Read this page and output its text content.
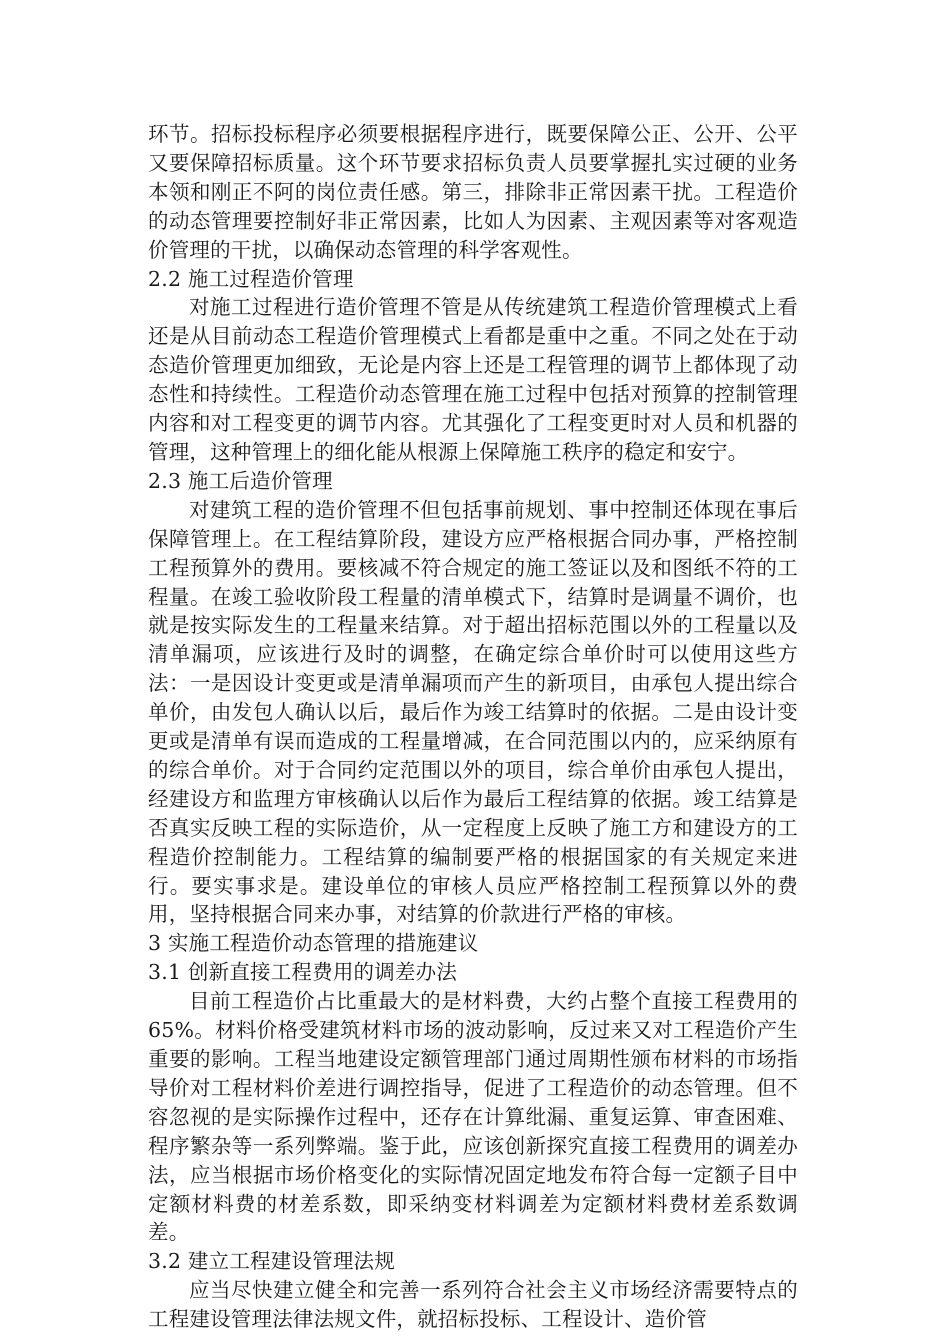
环节。招标投标程序必须要根据程序进行，既要保障公正、公开、公平又要保障招标质量。这个环节要求招标负责人员要掌握扎实过硬的业务本领和刚正不阿的岗位责任感。第三，排除非正常因素干扰。工程造价的动态管理要控制好非正常因素，比如人为因素、主观因素等对客观造价管理的干扰，以确保动态管理的科学客观性。

2.2 施工过程造价管理

对施工过程进行造价管理不管是从传统建筑工程造价管理模式上看还是从目前动态工程造价管理模式上看都是重中之重。不同之处在于动态造价管理更加细致，无论是内容上还是工程管理的调节上都体现了动态性和持续性。工程造价动态管理在施工过程中包括对预算的控制管理内容和对工程变更的调节内容。尤其强化了工程变更时对人员和机器的管理，这种管理上的细化能从根源上保障施工秩序的稳定和安宁。

2.3 施工后造价管理

对建筑工程的造价管理不但包括事前规划、事中控制还体现在事后保障管理上。在工程结算阶段，建设方应严格根据合同办事，严格控制工程预算外的费用。要核减不符合规定的施工签证以及和图纸不符的工程量。在竣工验收阶段工程量的清单模式下，结算时是调量不调价，也就是按实际发生的工程量来结算。对于超出招标范围以外的工程量以及清单漏项，应该进行及时的调整，在确定综合单价时可以使用这些方法：一是因设计变更或是清单漏项而产生的新项目，由承包人提出综合单价，由发包人确认以后，最后作为竣工结算时的依据。二是由设计变更或是清单有误而造成的工程量增减，在合同范围以内的，应采纳原有的综合单价。对于合同约定范围以外的项目，综合单价由承包人提出，经建设方和监理方审核确认以后作为最后工程结算的依据。竣工结算是否真实反映工程的实际造价，从一定程度上反映了施工方和建设方的工程造价控制能力。工程结算的编制要严格的根据国家的有关规定来进行。要实事求是。建设单位的审核人员应严格控制工程预算以外的费用，坚持根据合同来办事，对结算的价款进行严格的审核。

3 实施工程造价动态管理的措施建议

3.1 创新直接工程费用的调差办法

目前工程造价占比重最大的是材料费，大约占整个直接工程费用的65%。材料价格受建筑材料市场的波动影响，反过来又对工程造价产生重要的影响。工程当地建设定额管理部门通过周期性颁布材料的市场指导价对工程材料价差进行调控指导，促进了工程造价的动态管理。但不容忽视的是实际操作过程中，还存在计算纰漏、重复运算、审查困难、程序繁杂等一系列弊端。鉴于此，应该创新探究直接工程费用的调差办法，应当根据市场价格变化的实际情况固定地发布符合每一定额子目中定额材料费的材差系数，即采纳变材料调差为定额材料费材差系数调差。

3.2 建立工程建设管理法规

应当尽快建立健全和完善一系列符合社会主义市场经济需要特点的工程建设管理法律法规文件，就招标投标、工程设计、造价管
